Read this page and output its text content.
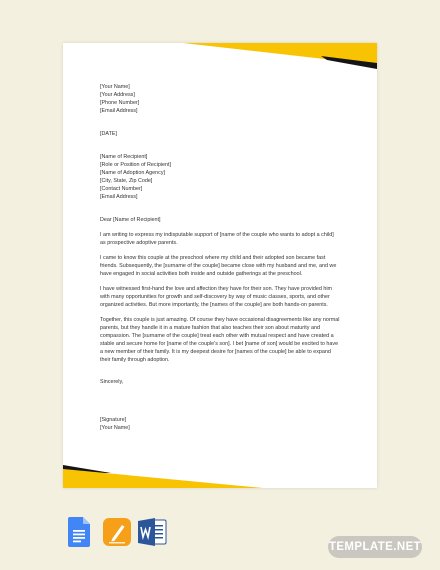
[Your Name]
[Your Address]
[Phone Number]
[Email Address]
[DATE]
[Name of Recipient]
[Role or Position of Recipient]
[Name of Adoption Agency]
[City, State, Zip Code]
[Contact Number]
[Email Address]
Dear [Name of Recipient]
I am writing to express my indisputable support of [name of the couple who wants to adopt a child]
as prospective adoptive parents.
I came to know this couple at the preschool where my child and their adopted son became fast
friends. Subsequently, the [surname of the couple] became close with my husband and me, and we
have engaged in social activities both inside and outside gatherings at the preschool.
I have witnessed first-hand the love and affection they have for their son. They have provided him
with many opportunities for growth and self-discovery by way of music classes, sports, and other
organized activities. But more importantly, the [names of the couple] are both hands-on parents.
Together, this couple is just amazing. Of course they have occasional disagreements like any normal
parents, but they handle it in a mature fashion that also teaches their son about maturity and
compassion. The [surname of the couple] treat each other with mutual respect and have created a
stable and secure home for [name of the couple's son]. I bet [name of son] would be excited to have
a new member of their family. It is my deepest desire for [names of the couple] be able to expand
their family through adoption.
Sincerely,
[Signature]
[Your Name]
TEMPLATE.NET
